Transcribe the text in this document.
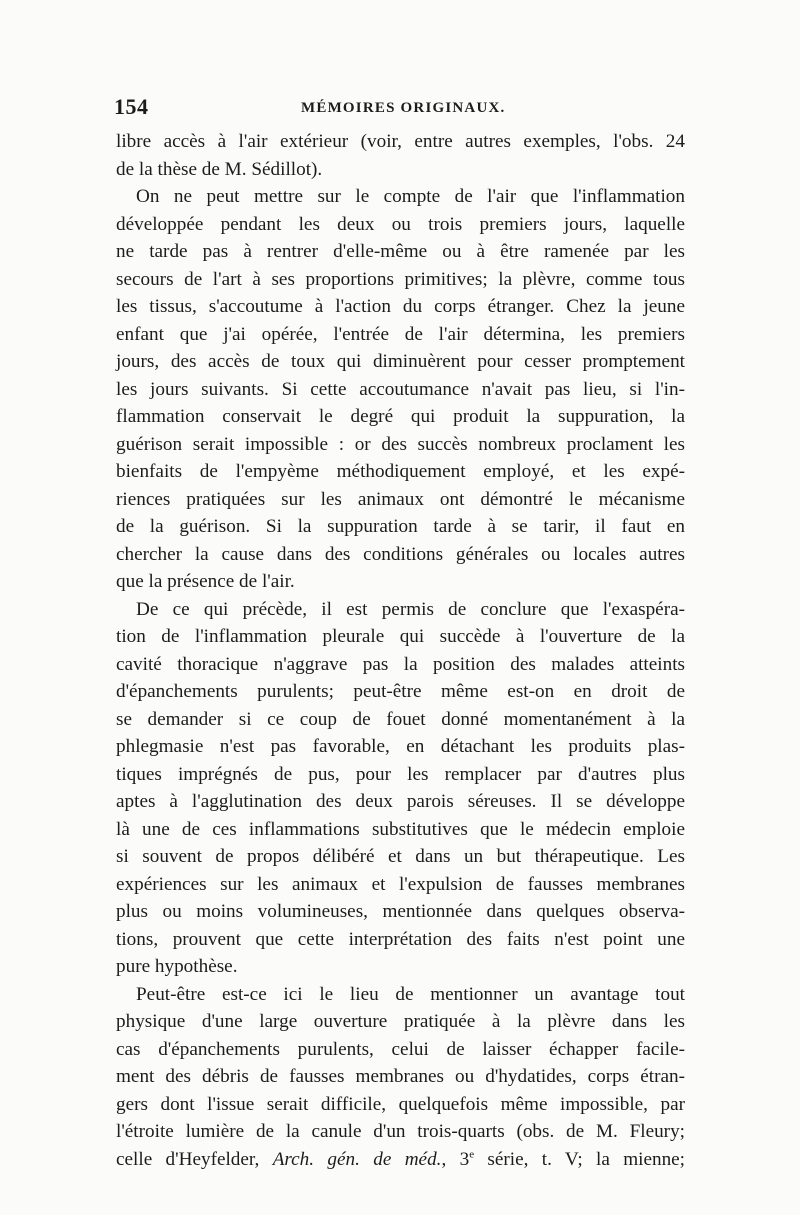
154	MÉMOIRES ORIGINAUX.
libre accès à l'air extérieur (voir, entre autres exemples, l'obs. 24
de la thèse de M. Sédillot).
On ne peut mettre sur le compte de l'air que l'inflammation
développée pendant les deux ou trois premiers jours, laquelle
ne tarde pas à rentrer d'elle-même ou à être ramenée par les
secours de l'art à ses proportions primitives; la plèvre, comme tous
les tissus, s'accoutume à l'action du corps étranger. Chez la jeune
enfant que j'ai opérée, l'entrée de l'air détermina, les premiers
jours, des accès de toux qui diminuèrent pour cesser promptement
les jours suivants. Si cette accoutumance n'avait pas lieu, si l'in-
flammation conservait le degré qui produit la suppuration, la
guérison serait impossible : or des succès nombreux proclament les
bienfaits de l'empyème méthodiquement employé, et les expé-
riences pratiquées sur les animaux ont démontré le mécanisme
de la guérison. Si la suppuration tarde à se tarir, il faut en
chercher la cause dans des conditions générales ou locales autres
que la présence de l'air.
De ce qui précède, il est permis de conclure que l'exaspéra-
tion de l'inflammation pleurale qui succède à l'ouverture de la
cavité thoracique n'aggrave pas la position des malades atteints
d'épanchements purulents; peut-être même est-on en droit de
se demander si ce coup de fouet donné momentanément à la
phlegmasie n'est pas favorable, en détachant les produits plas-
tiques imprégnés de pus, pour les remplacer par d'autres plus
aptes à l'agglutination des deux parois séreuses. Il se développe
là une de ces inflammations substitutives que le médecin emploie
si souvent de propos délibéré et dans un but thérapeutique. Les
expériences sur les animaux et l'expulsion de fausses membranes
plus ou moins volumineuses, mentionnée dans quelques observa-
tions, prouvent que cette interprétation des faits n'est point une
pure hypothèse.
Peut-être est-ce ici le lieu de mentionner un avantage tout
physique d'une large ouverture pratiquée à la plèvre dans les
cas d'épanchements purulents, celui de laisser échapper facile-
ment des débris de fausses membranes ou d'hydatides, corps étran-
gers dont l'issue serait difficile, quelquefois même impossible, par
l'étroite lumière de la canule d'un trois-quarts (obs. de M. Fleury;
celle d'Heyfelder, Arch. gén. de méd., 3e série, t. V; la mienne;
